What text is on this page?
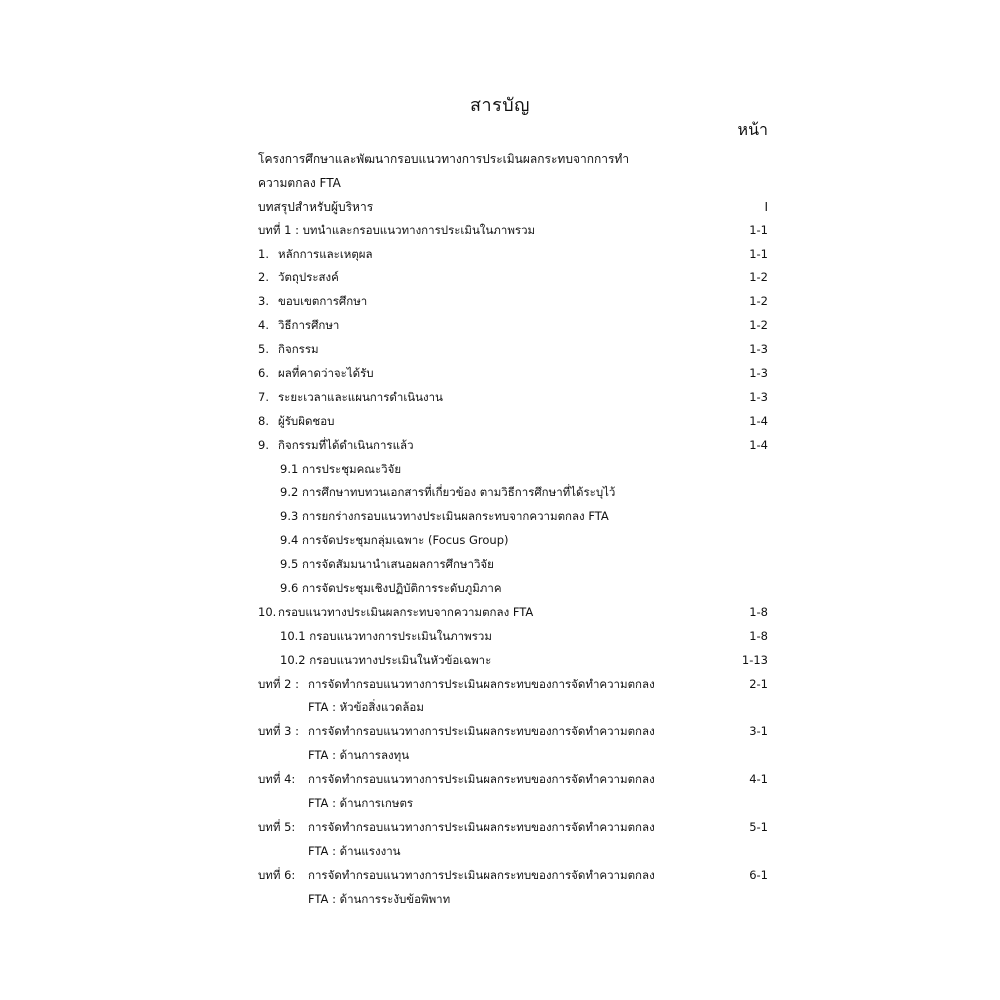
สารบัญ
หน้า
โครงการศึกษาและพัฒนากรอบแนวทางการประเมินผลกระทบจากการทำ
ความตกลง FTA
บทสรุปสำหรับผู้บริหาร	I
บทที่ 1 : บทนำและกรอบแนวทางการประเมินในภาพรวม	1-1
1. หลักการและเหตุผล	1-1
2. วัตถุประสงค์	1-2
3. ขอบเขตการศึกษา	1-2
4. วิธีการศึกษา	1-2
5. กิจกรรม	1-3
6. ผลที่คาดว่าจะได้รับ	1-3
7. ระยะเวลาและแผนการดำเนินงาน	1-3
8. ผู้รับผิดชอบ	1-4
9. กิจกรรมที่ได้ดำเนินการแล้ว	1-4
9.1 การประชุมคณะวิจัย
9.2 การศึกษาทบทวนเอกสารที่เกี่ยวข้อง ตามวิธีการศึกษาที่ได้ระบุไว้
9.3 การยกร่างกรอบแนวทางประเมินผลกระทบจากความตกลง FTA
9.4 การจัดประชุมกลุ่มเฉพาะ (Focus Group)
9.5 การจัดสัมมนานำเสนอผลการศึกษาวิจัย
9.6 การจัดประชุมเชิงปฏิบัติการระดับภูมิภาค
10. กรอบแนวทางประเมินผลกระทบจากความตกลง FTA	1-8
10.1 กรอบแนวทางการประเมินในภาพรวม	1-8
10.2 กรอบแนวทางประเมินในหัวข้อเฉพาะ	1-13
บทที่ 2 : การจัดทำกรอบแนวทางการประเมินผลกระทบของการจัดทำความตกลง	2-1
FTA : หัวข้อสิ่งแวดล้อม
บทที่ 3 : การจัดทำกรอบแนวทางการประเมินผลกระทบของการจัดทำความตกลง	3-1
FTA : ด้านการลงทุน
บทที่ 4:	การจัดทำกรอบแนวทางการประเมินผลกระทบของการจัดทำความตกลง	4-1
FTA : ด้านการเกษตร
บทที่ 5:	การจัดทำกรอบแนวทางการประเมินผลกระทบของการจัดทำความตกลง	5-1
FTA : ด้านแรงงาน
บทที่ 6:	การจัดทำกรอบแนวทางการประเมินผลกระทบของการจัดทำความตกลง	6-1
FTA : ด้านการระงับข้อพิพาท
